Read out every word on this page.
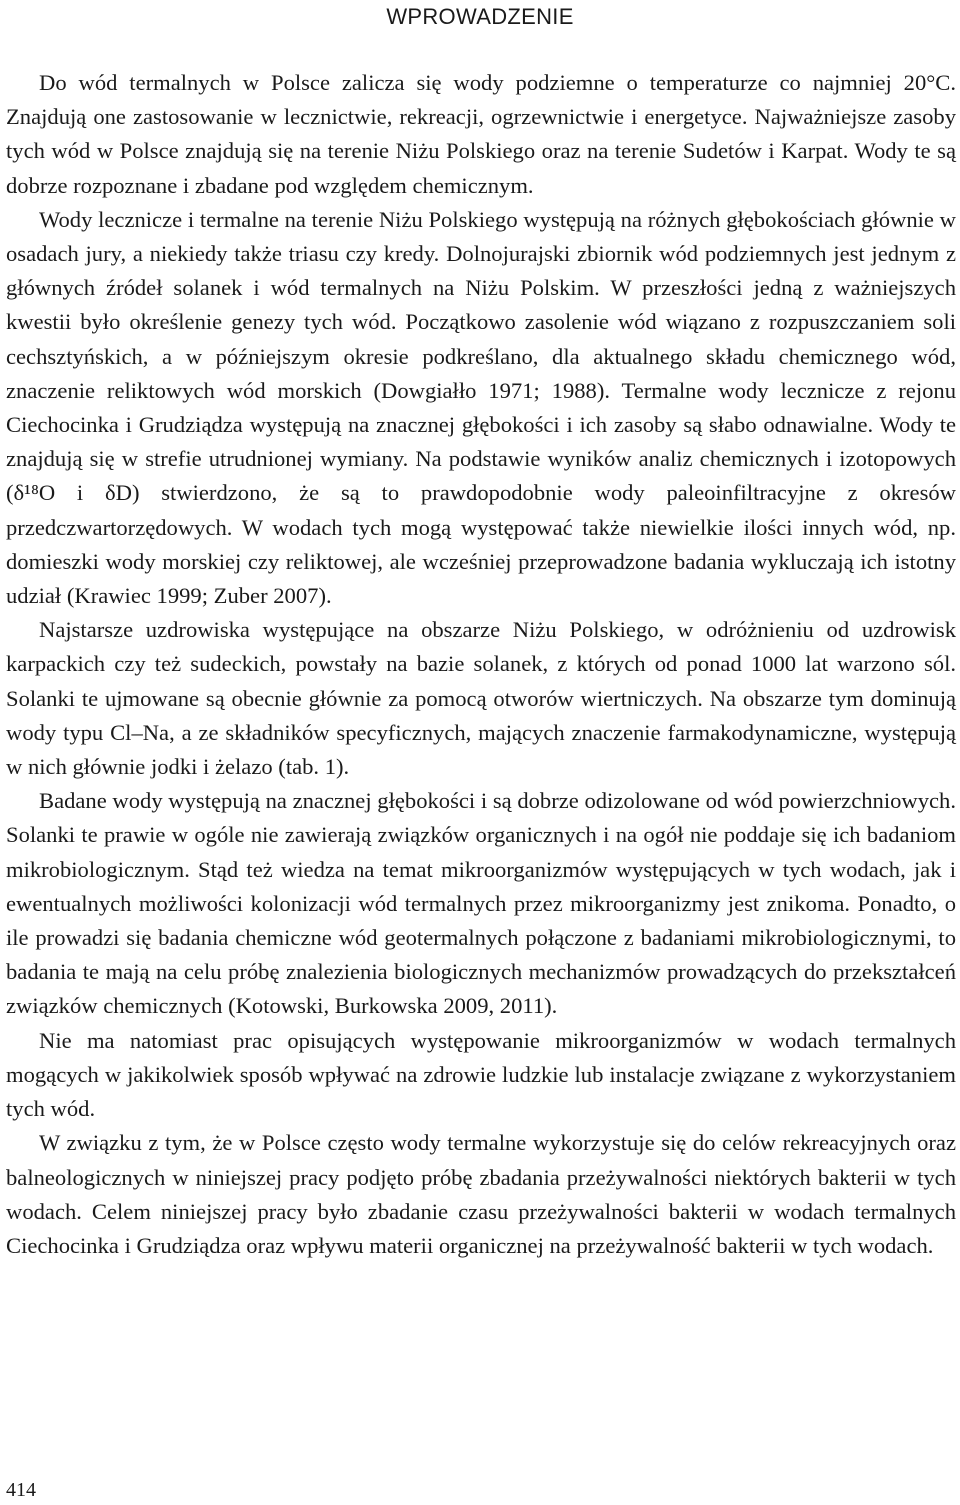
WPROWADZENIE

Do wód termalnych w Polsce zalicza się wody podziemne o temperaturze co najmniej 20°C. Znajdują one zastosowanie w lecznictwie, rekreacji, ogrzewnictwie i energetyce. Najważniejsze zasoby tych wód w Polsce znajdują się na terenie Niżu Polskiego oraz na terenie Sudetów i Karpat. Wody te są dobrze rozpoznane i zbadane pod względem chemicznym.

Wody lecznicze i termalne na terenie Niżu Polskiego występują na różnych głębokościach głównie w osadach jury, a niekiedy także triasu czy kredy. Dolnojurajski zbiornik wód podziemnych jest jednym z głównych źródeł solanek i wód termalnych na Niżu Polskim. W przeszłości jedną z ważniejszych kwestii było określenie genezy tych wód. Początkowo zasolenie wód wiązano z rozpuszczaniem soli cechsztyńskich, a w późniejszym okresie podkreślano, dla aktualnego składu chemicznego wód, znaczenie reliktowych wód morskich (Dowgiałło 1971; 1988). Termalne wody lecznicze z rejonu Ciechocinka i Grudziądza występują na znacznej głębokości i ich zasoby są słabo odnawialne. Wody te znajdują się w strefie utrudnionej wymiany. Na podstawie wyników analiz chemicznych i izotopowych (δ¹⁸O i δD) stwierdzono, że są to prawdopodobnie wody paleoinfiltracyjne z okresów przedczwartorzędowych. W wodach tych mogą występować także niewielkie ilości innych wód, np. domieszki wody morskiej czy reliktowej, ale wcześniej przeprowadzone badania wykluczają ich istotny udział (Krawiec 1999; Zuber 2007).

Najstarsze uzdrowiska występujące na obszarze Niżu Polskiego, w odróżnieniu od uzdrowisk karpackich czy też sudeckich, powstały na bazie solanek, z których od ponad 1000 lat warzono sól. Solanki te ujmowane są obecnie głównie za pomocą otworów wiertniczych. Na obszarze tym dominują wody typu Cl–Na, a ze składników specyficznych, mających znaczenie farmakodynamiczne, występują w nich głównie jodki i żelazo (tab. 1).

Badane wody występują na znacznej głębokości i są dobrze odizolowane od wód powierzchniowych. Solanki te prawie w ogóle nie zawierają związków organicznych i na ogół nie poddaje się ich badaniom mikrobiologicznym. Stąd też wiedza na temat mikroorganizmów występujących w tych wodach, jak i ewentualnych możliwości kolonizacji wód termalnych przez mikroorganizmy jest znikoma. Ponadto, o ile prowadzi się badania chemiczne wód geotermalnych połączone z badaniami mikrobiologicznymi, to badania te mają na celu próbę znalezienia biologicznych mechanizmów prowadzących do przekształceń związków chemicznych (Kotowski, Burkowska 2009, 2011).

Nie ma natomiast prac opisujących występowanie mikroorganizmów w wodach termalnych mogących w jakikolwiek sposób wpływać na zdrowie ludzkie lub instalacje związane z wykorzystaniem tych wód.

W związku z tym, że w Polsce często wody termalne wykorzystuje się do celów rekreacyjnych oraz balneologicznych w niniejszej pracy podjęto próbę zbadania przeżywalności niektórych bakterii w tych wodach. Celem niniejszej pracy było zbadanie czasu przeżywalności bakterii w wodach termalnych Ciechocinka i Grudziądza oraz wpływu materii organicznej na przeżywalność bakterii w tych wodach.

414
